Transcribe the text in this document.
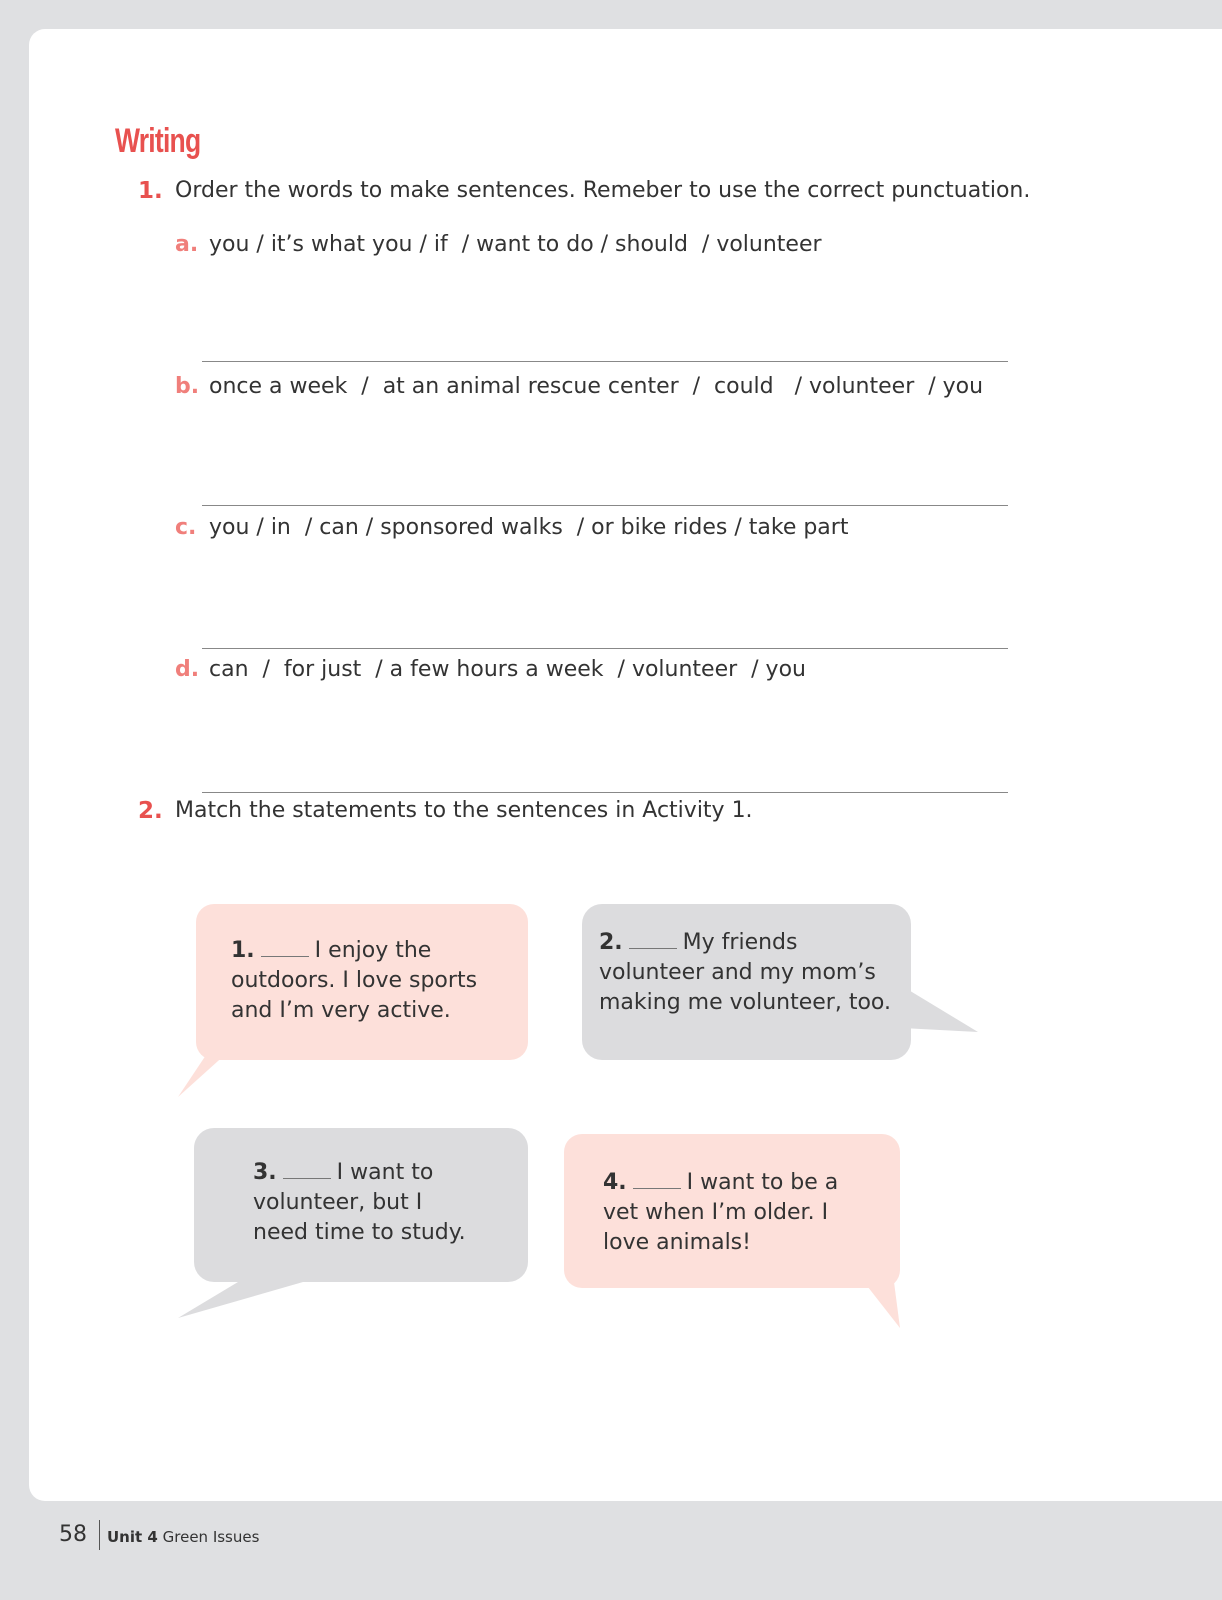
Writing
1. Order the words to make sentences. Remeber to use the correct punctuation.
a. you / it’s what you / if  / want to do / should  / volunteer
b. once a week  /  at an animal rescue center  /  could   / volunteer  / you
c. you / in  / can / sponsored walks  / or bike rides / take part
d. can  /  for just  / a few hours a week  / volunteer  / you
2. Match the statements to the sentences in Activity 1.
1.	I enjoy the
outdoors. I love sports
and I’m very active.
2.	My friends
volunteer and my mom’s
making me volunteer, too.
3.	I want to
volunteer, but I
need time to study.
4.	I want to be a
vet when I’m older. I
love animals!
58 Unit 4 Green Issues
